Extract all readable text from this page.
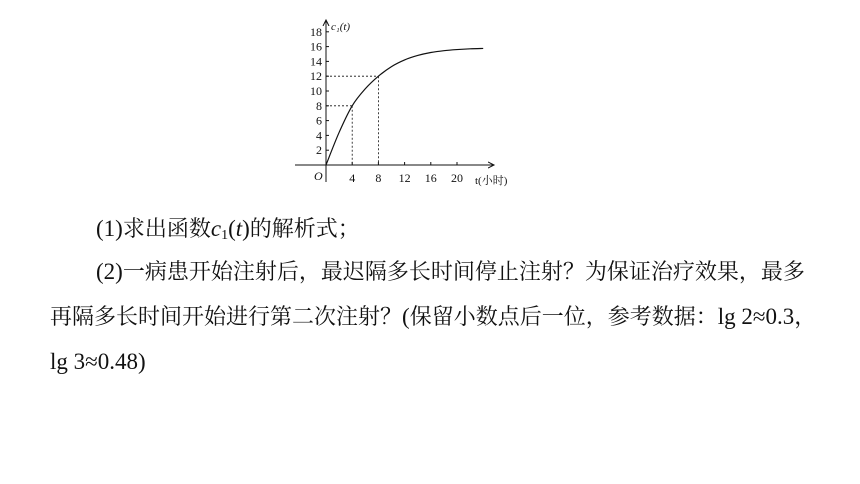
2
4
6
8
10
12
14
16
18
4 8 12 16 20
O
c₁(t)
t(小时)

(1)求出函数$c_1(t)$的解析式；

(2)一病患开始注射后，最迟隔多长时间停止注射？为保证治疗效果，最多再隔多长时间开始进行第二次注射？(保留小数点后一位，参考数据：lg 2≈0.3，lg 3≈0.48)
